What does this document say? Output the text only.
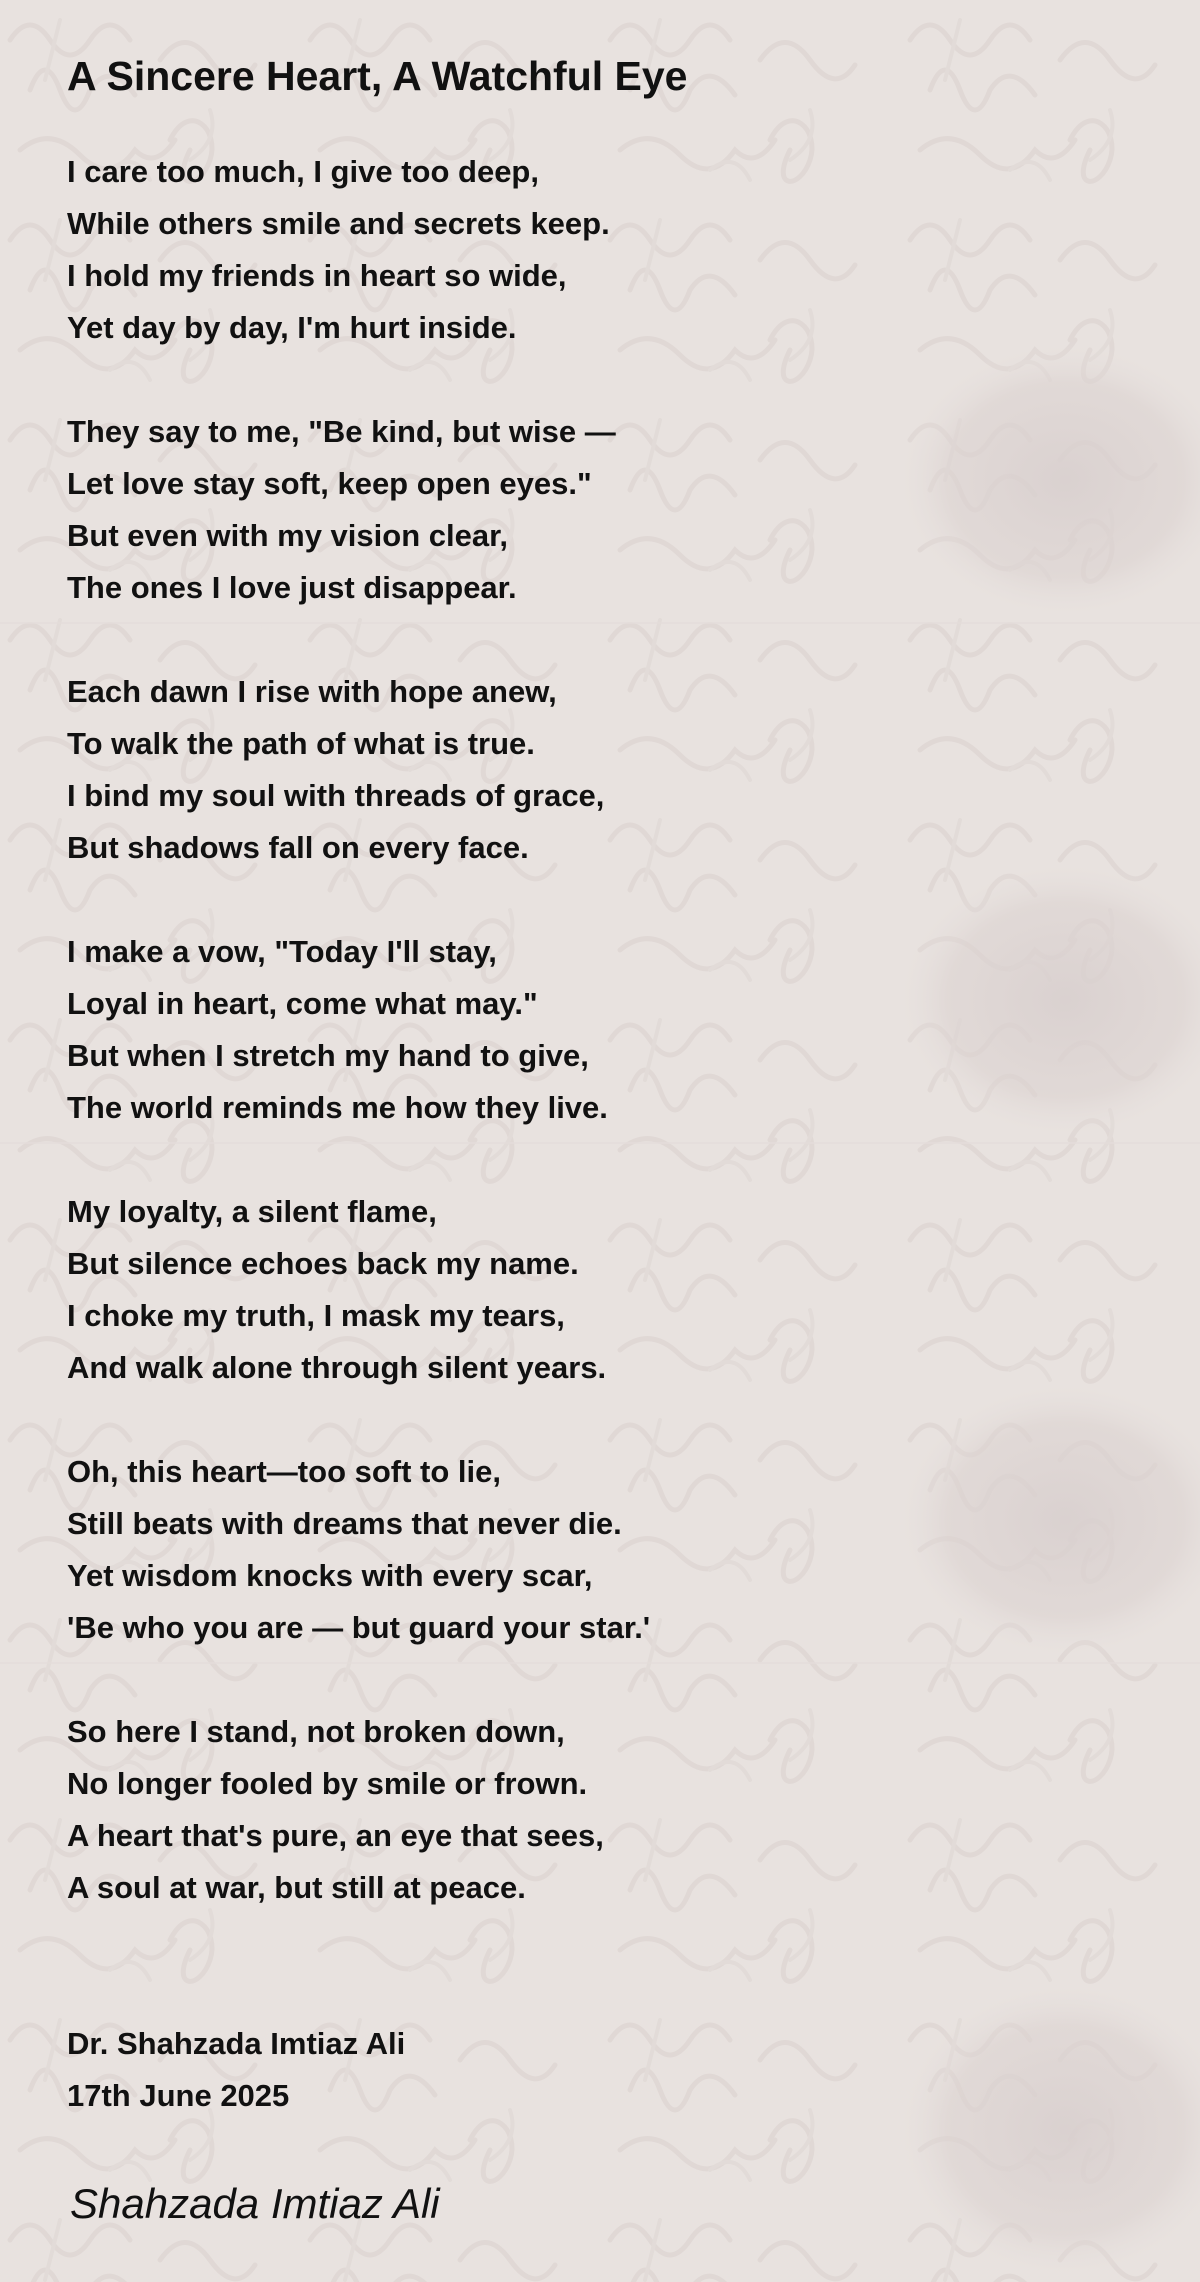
A Sincere Heart, A Watchful Eye
I care too much, I give too deep,
While others smile and secrets keep.
I hold my friends in heart so wide,
Yet day by day, I'm hurt inside.
They say to me, "Be kind, but wise —
Let love stay soft, keep open eyes."
But even with my vision clear,
The ones I love just disappear.
Each dawn I rise with hope anew,
To walk the path of what is true.
I bind my soul with threads of grace,
But shadows fall on every face.
I make a vow, "Today I'll stay,
Loyal in heart, come what may."
But when I stretch my hand to give,
The world reminds me how they live.
My loyalty, a silent flame,
But silence echoes back my name.
I choke my truth, I mask my tears,
And walk alone through silent years.
Oh, this heart—too soft to lie,
Still beats with dreams that never die.
Yet wisdom knocks with every scar,
'Be who you are — but guard your star.'
So here I stand, not broken down,
No longer fooled by smile or frown.
A heart that's pure, an eye that sees,
A soul at war, but still at peace.
Dr. Shahzada Imtiaz Ali
17th June 2025
Shahzada Imtiaz Ali
